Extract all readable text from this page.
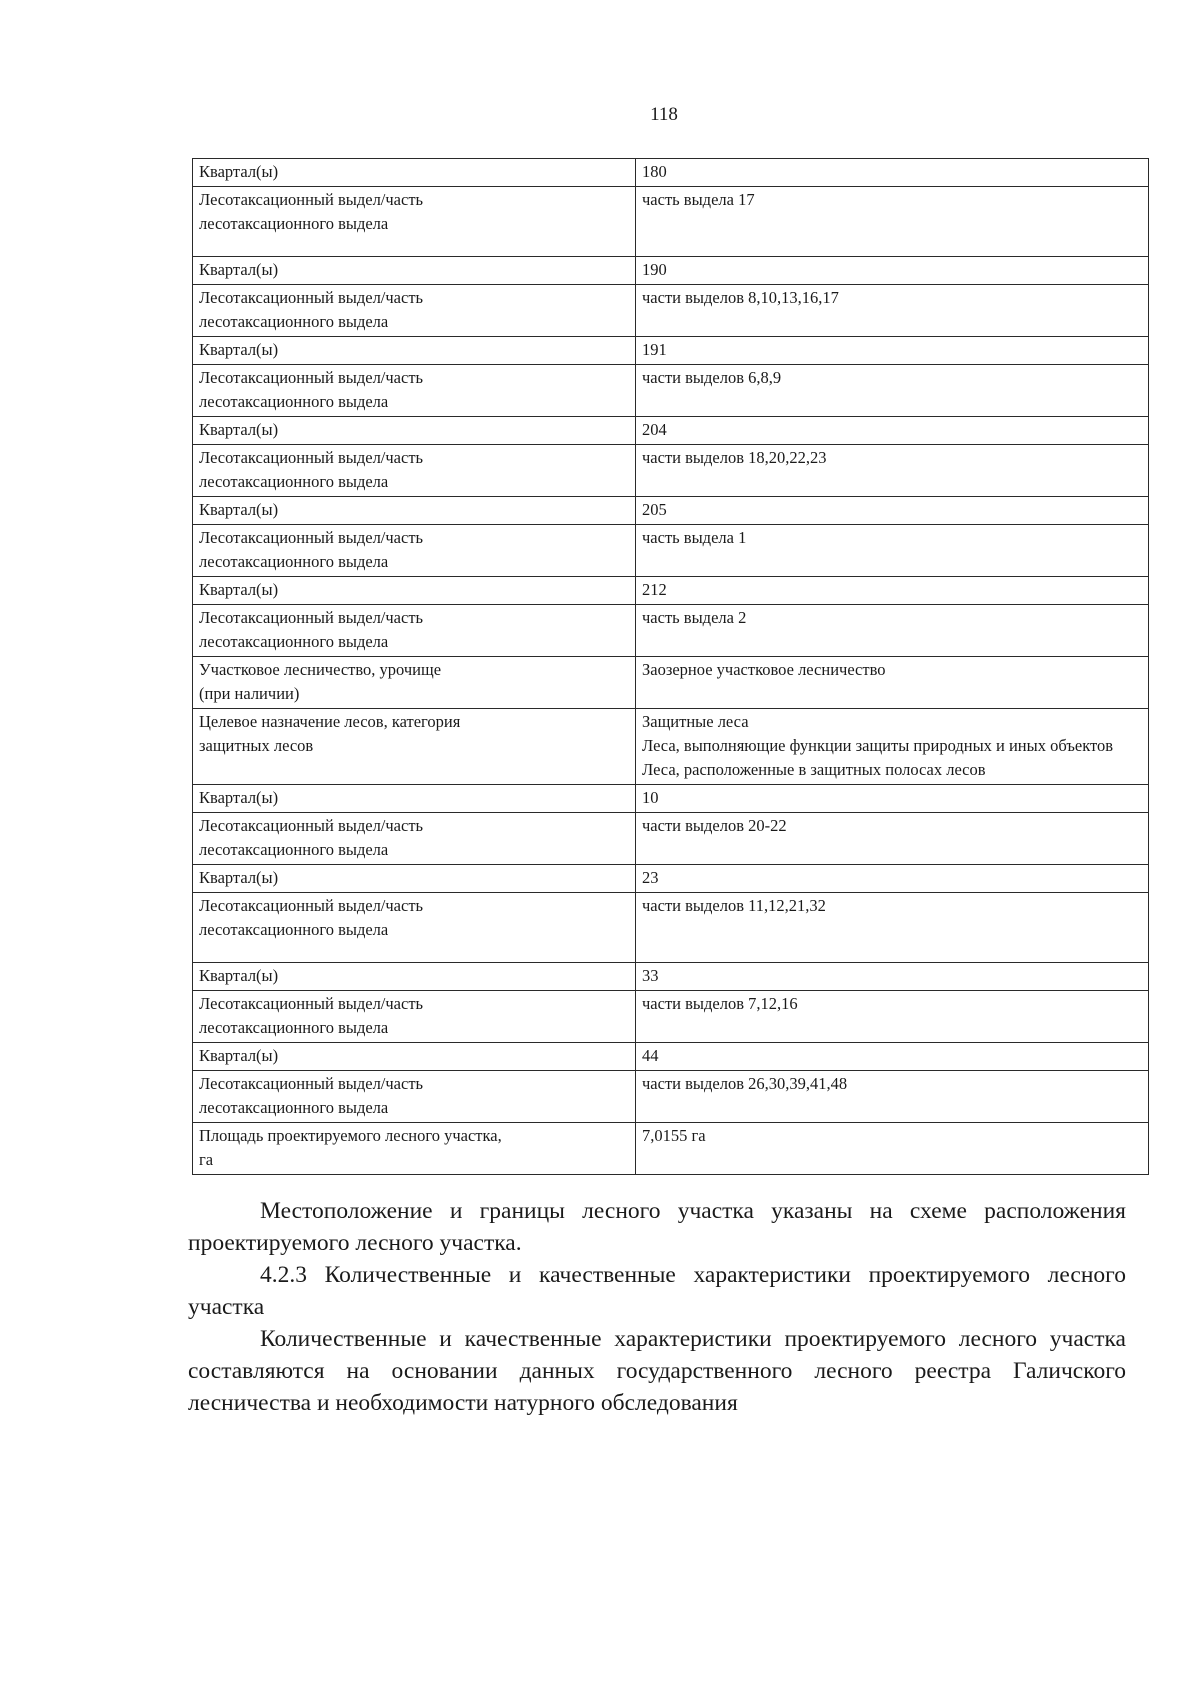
118
Квартал(ы)	180
Лесотаксационный выдел/часть
лесотаксационного выдела	часть выдела 17
Квартал(ы)	190
Лесотаксационный выдел/часть
лесотаксационного выдела	части выделов 8,10,13,16,17
Квартал(ы)	191
Лесотаксационный выдел/часть
лесотаксационного выдела	части выделов 6,8,9
Квартал(ы)	204
Лесотаксационный выдел/часть
лесотаксационного выдела	части выделов 18,20,22,23
Квартал(ы)	205
Лесотаксационный выдел/часть
лесотаксационного выдела	часть выдела 1
Квартал(ы)	212
Лесотаксационный выдел/часть
лесотаксационного выдела	часть выдела 2
Участковое лесничество, урочище
(при наличии)	Заозерное участковое лесничество
Целевое назначение лесов, категория
защитных лесов	Защитные леса
Леса, выполняющие функции защиты природных и иных объектов
Леса, расположенные в защитных полосах лесов
Квартал(ы)	10
Лесотаксационный выдел/часть
лесотаксационного выдела	части выделов 20-22
Квартал(ы)	23
Лесотаксационный выдел/часть
лесотаксационного выдела	части выделов 11,12,21,32
Квартал(ы)	33
Лесотаксационный выдел/часть
лесотаксационного выдела	части выделов 7,12,16
Квартал(ы)	44
Лесотаксационный выдел/часть
лесотаксационного выдела	части выделов 26,30,39,41,48
Площадь проектируемого лесного участка,
га	7,0155 га

Местоположение и границы лесного участка указаны на схеме расположения проектируемого лесного участка.

4.2.3 Количественные и качественные характеристики проектируемого лесного участка

Количественные и качественные характеристики проектируемого лесного участка составляются на основании данных государственного лесного реестра Галичского лесничества и необходимости натурного обследования
